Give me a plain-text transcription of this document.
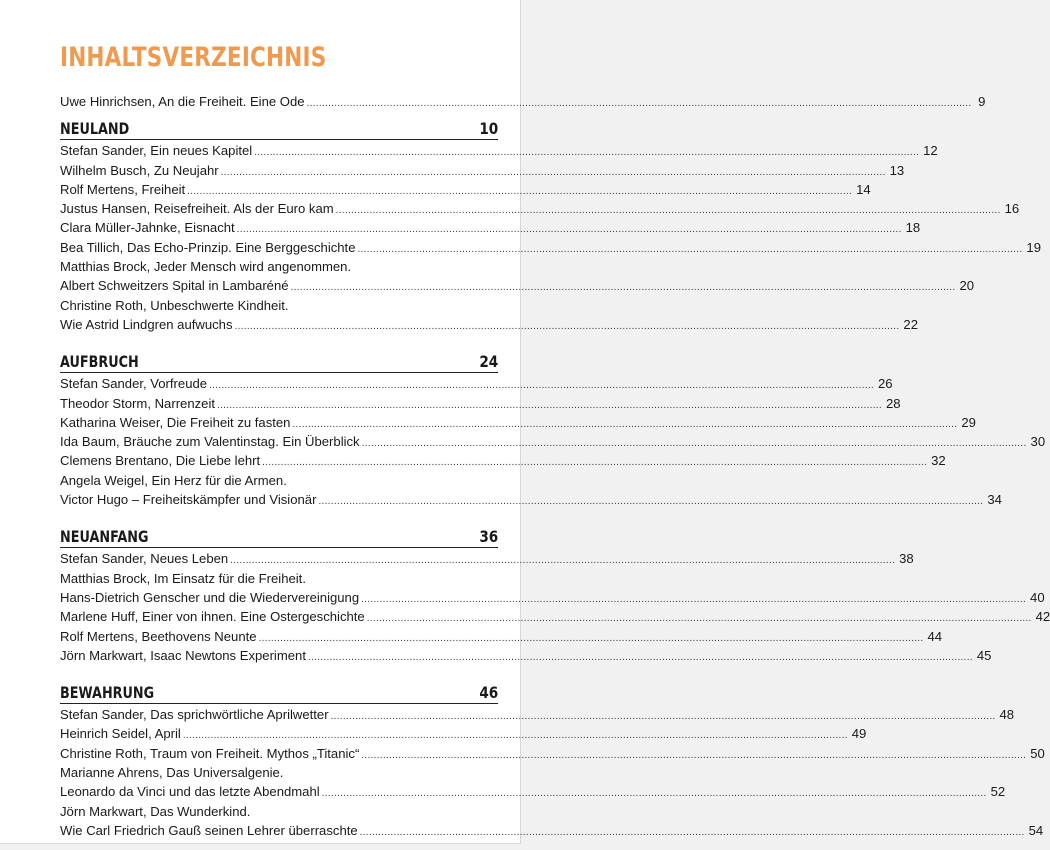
INHALTSVERZEICHNIS
Uwe Hinrichsen, An die Freiheit. Eine Ode .....	9
NEULAND	10
Stefan Sander, Ein neues Kapitel .....	12
Wilhelm Busch, Zu Neujahr .....	13
Rolf Mertens, Freiheit .....	14
Justus Hansen, Reisefreiheit. Als der Euro kam .....	16
Clara Müller-Jahnke, Eisnacht .....	18
Bea Tillich, Das Echo-Prinzip. Eine Berggeschichte .....	19
Matthias Brock, Jeder Mensch wird angenommen.
Albert Schweitzers Spital in Lambaréné .....	20
Christine Roth, Unbeschwerte Kindheit.
Wie Astrid Lindgren aufwuchs .....	22
AUFBRUCH	24
Stefan Sander, Vorfreude .....	26
Theodor Storm, Narrenzeit .....	28
Katharina Weiser, Die Freiheit zu fasten .....	29
Ida Baum, Bräuche zum Valentinstag. Ein Überblick .....	30
Clemens Brentano, Die Liebe lehrt .....	32
Angela Weigel, Ein Herz für die Armen.
Victor Hugo – Freiheitskämpfer und Visionär .....	34
NEUANFANG	36
Stefan Sander, Neues Leben .....	38
Matthias Brock, Im Einsatz für die Freiheit.
Hans-Dietrich Genscher und die Wiedervereinigung .....	40
Marlene Huff, Einer von ihnen. Eine Ostergeschichte .....	42
Rolf Mertens, Beethovens Neunte .....	44
Jörn Markwart, Isaac Newtons Experiment .....	45
BEWAHRUNG	46
Stefan Sander, Das sprichwörtliche Aprilwetter .....	48
Heinrich Seidel, April .....	49
Christine Roth, Traum von Freiheit. Mythos „Titanic“ .....	50
Marianne Ahrens, Das Universalgenie.
Leonardo da Vinci und das letzte Abendmahl .....	52
Jörn Markwart, Das Wunderkind.
Wie Carl Friedrich Gauß seinen Lehrer überraschte .....	54
